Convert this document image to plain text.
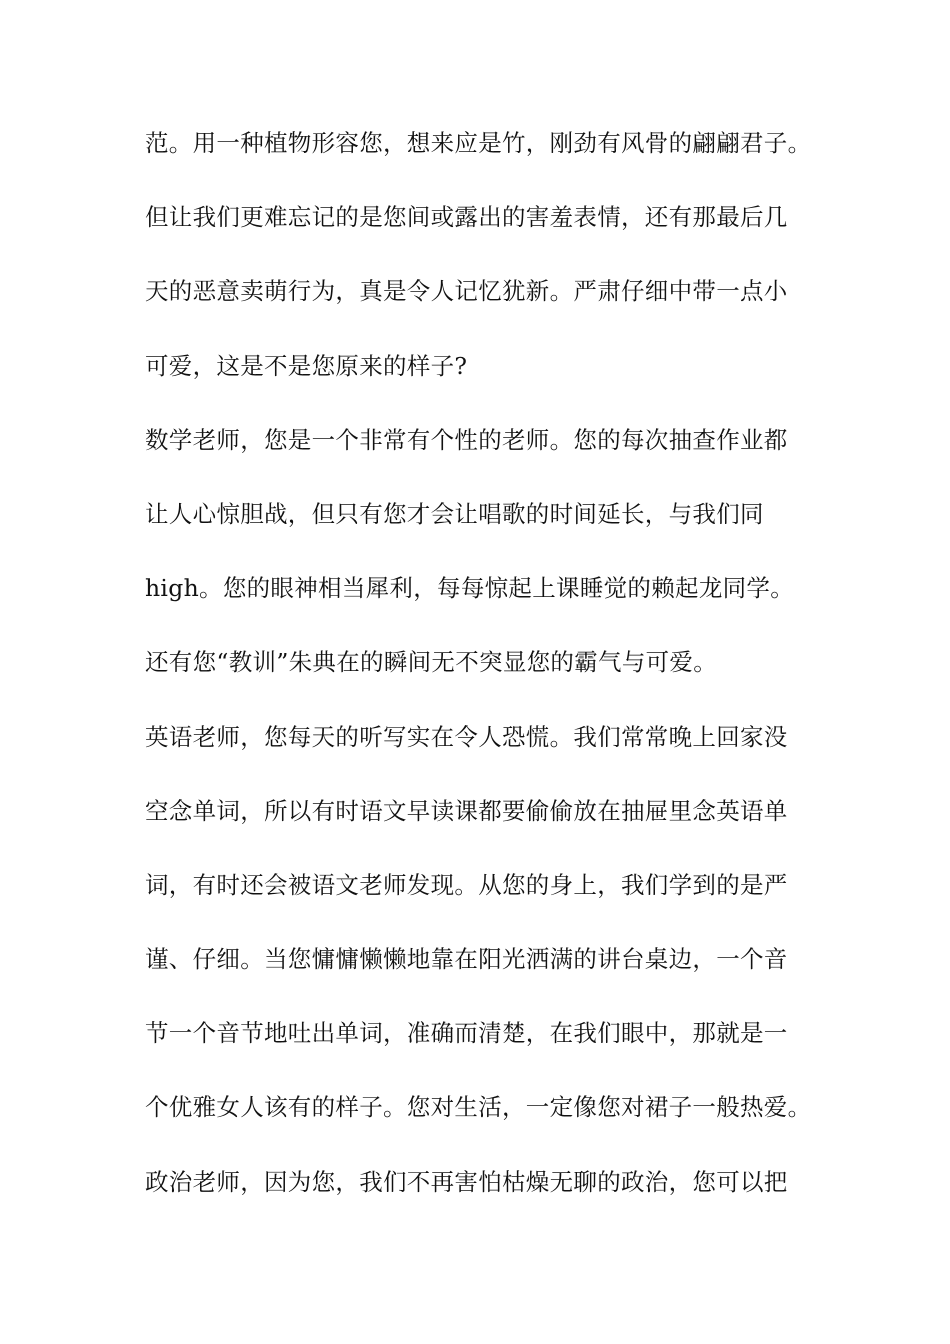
范。用一种植物形容您，想来应是竹，刚劲有风骨的翩翩君子。
但让我们更难忘记的是您间或露出的害羞表情，还有那最后几
天的恶意卖萌行为，真是令人记忆犹新。严肃仔细中带一点小
可爱，这是不是您原来的样子?
数学老师，您是一个非常有个性的老师。您的每次抽查作业都
让人心惊胆战，但只有您才会让唱歌的时间延长，与我们同
high。您的眼神相当犀利，每每惊起上课睡觉的赖起龙同学。
还有您“教训”朱典在的瞬间无不突显您的霸气与可爱。
英语老师，您每天的听写实在令人恐慌。我们常常晚上回家没
空念单词，所以有时语文早读课都要偷偷放在抽屉里念英语单
词，有时还会被语文老师发现。从您的身上，我们学到的是严
谨、仔细。当您慵慵懒懒地靠在阳光洒满的讲台桌边，一个音
节一个音节地吐出单词，准确而清楚，在我们眼中，那就是一
个优雅女人该有的样子。您对生活，一定像您对裙子一般热爱。
政治老师，因为您，我们不再害怕枯燥无聊的政治，您可以把
